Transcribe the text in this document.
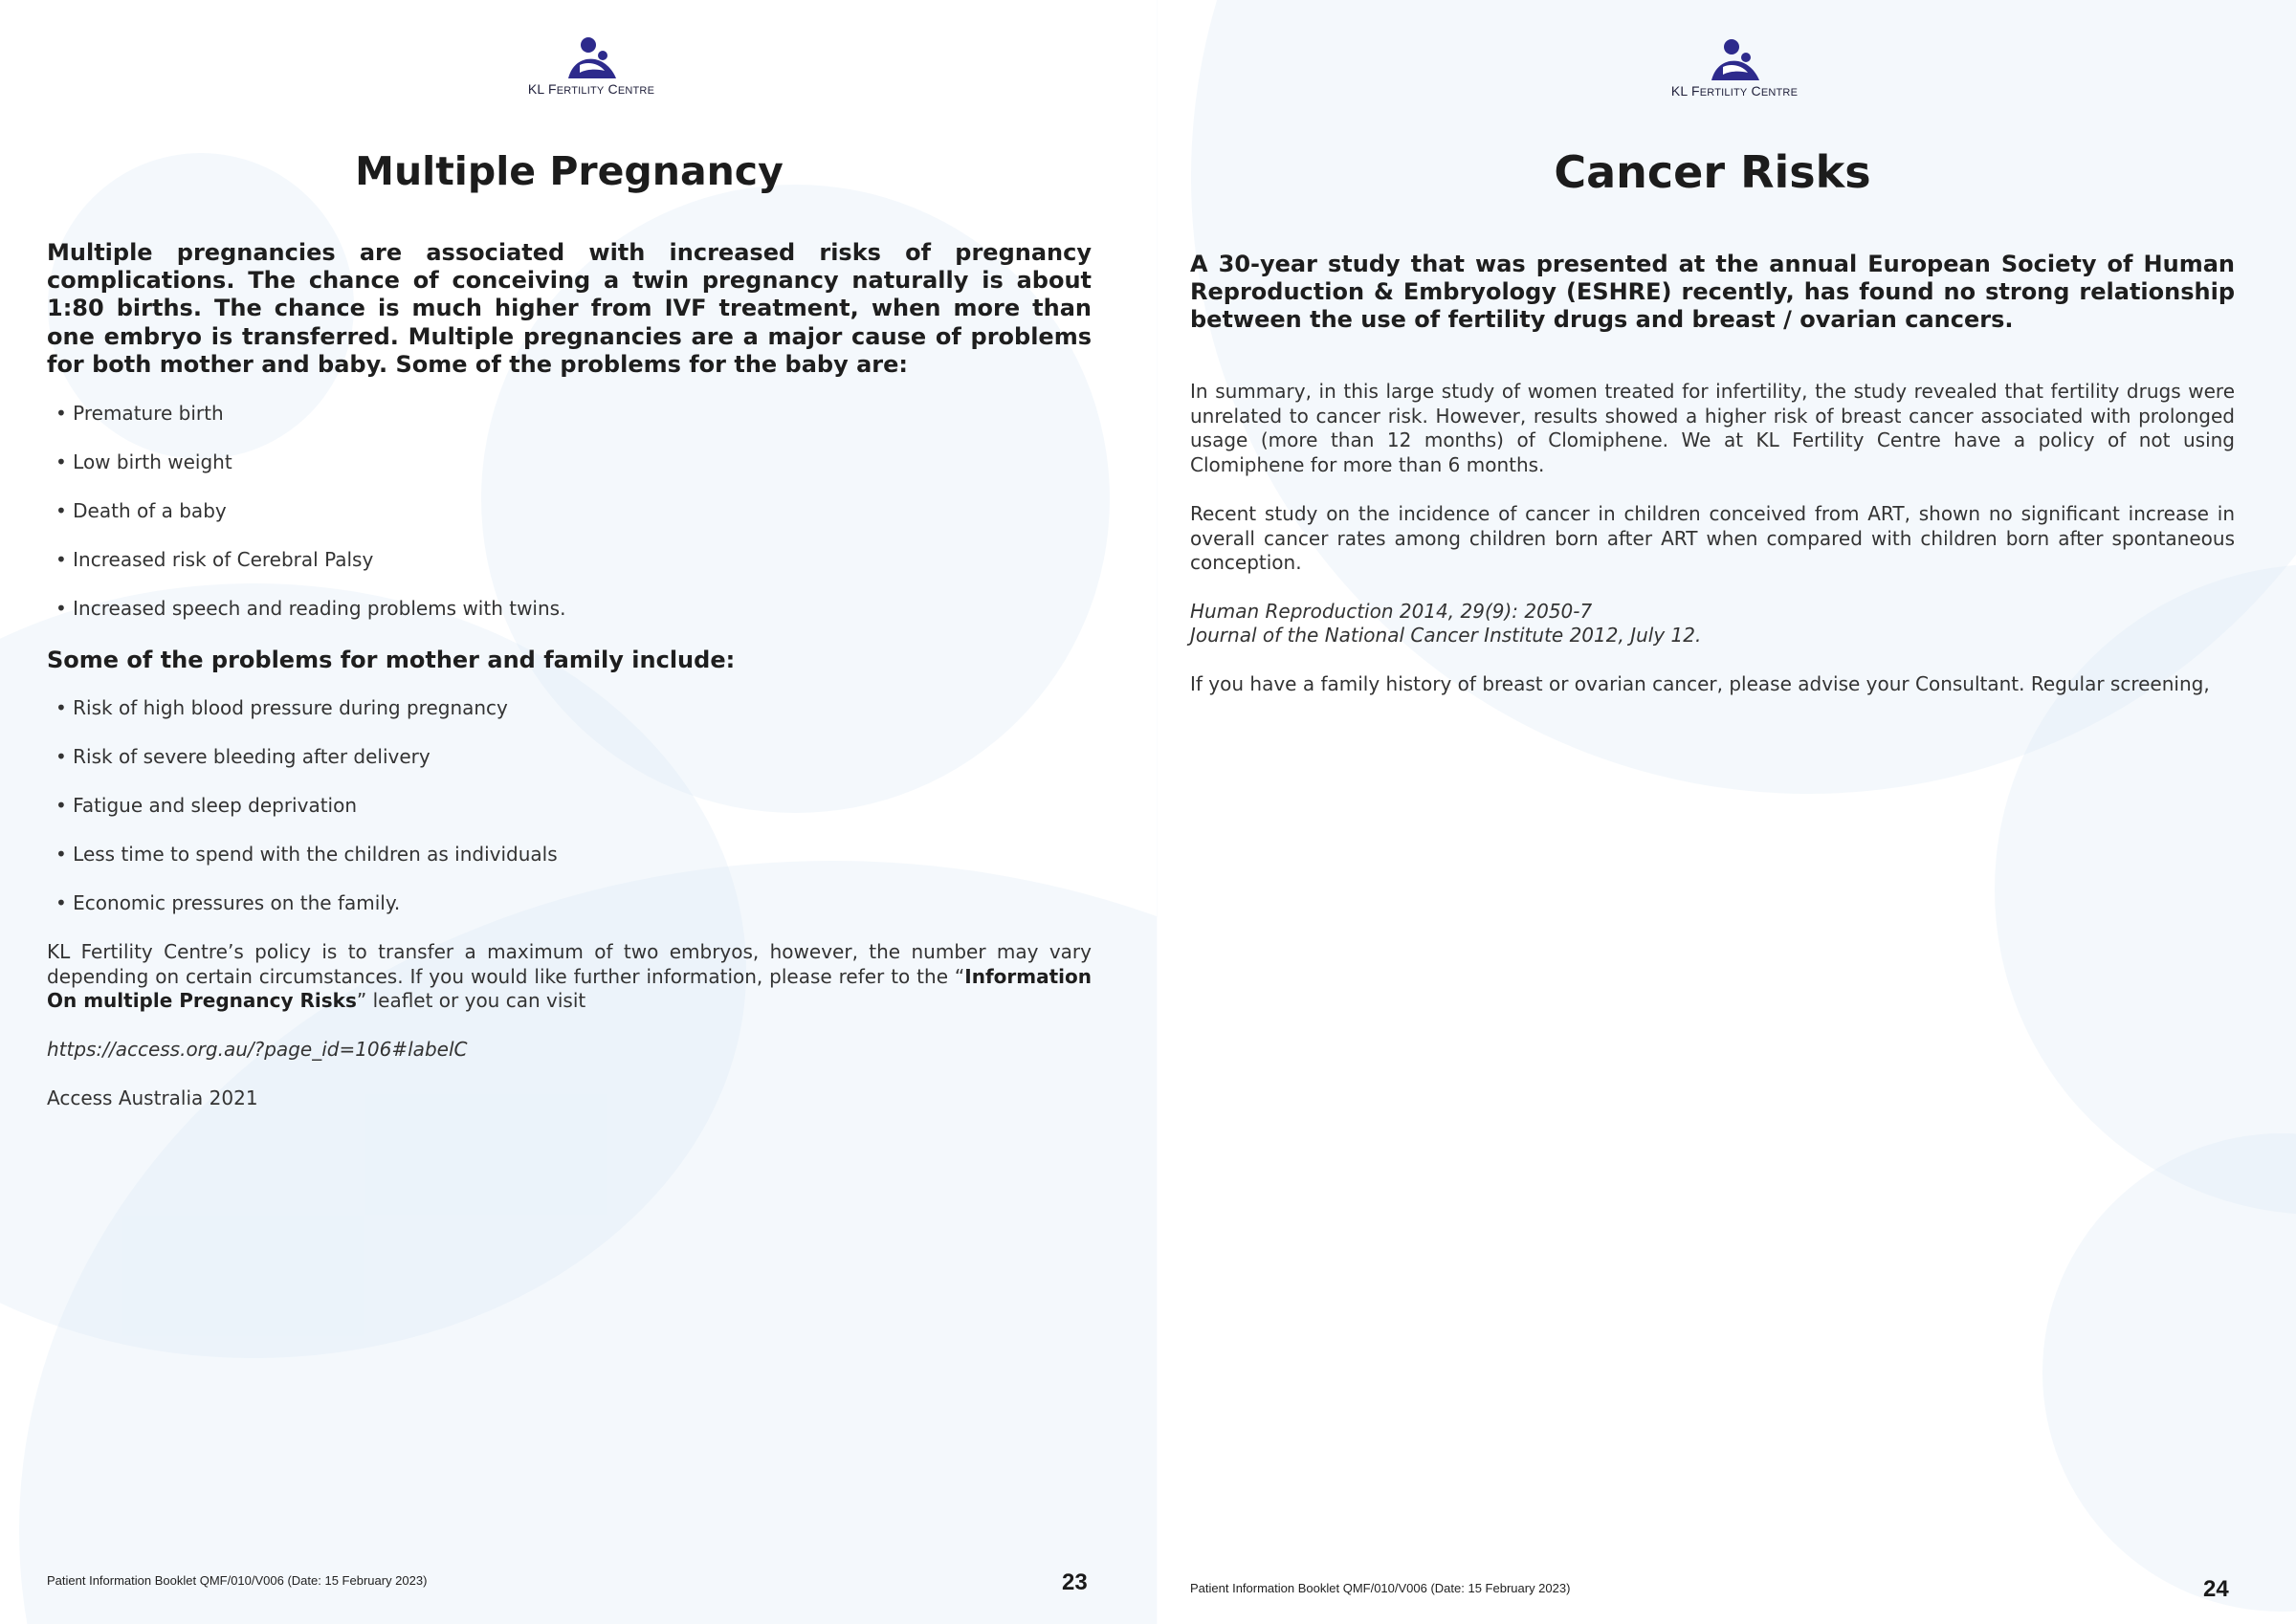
KL FERTILITY CENTRE
Multiple Pregnancy

Multiple pregnancies are associated with increased risks of pregnancy complications. The chance of conceiving a twin pregnancy naturally is about 1:80 births. The chance is much higher from IVF treatment, when more than one embryo is transferred. Multiple pregnancies are a major cause of problems for both mother and baby. Some of the problems for the baby are:

• Premature birth

• Low birth weight

• Death of a baby

• Increased risk of Cerebral Palsy

• Increased speech and reading problems with twins.

Some of the problems for mother and family include:

• Risk of high blood pressure during pregnancy

• Risk of severe bleeding after delivery

• Fatigue and sleep deprivation

• Less time to spend with the children as individuals

• Economic pressures on the family.

KL Fertility Centre’s policy is to transfer a maximum of two embryos, however, the number may vary depending on certain circumstances. If you would like further information, please refer to the “Information On multiple Pregnancy Risks” leaflet or you can visit

https://access.org.au/?page_id=106#labelC

Access Australia 2021

Patient Information Booklet QMF/010/V006 (Date: 15 February 2023)	23
KL FERTILITY CENTRE
Cancer Risks

A 30-year study that was presented at the annual European Society of Human Reproduction & Embryology (ESHRE) recently, has found no strong relationship between the use of fertility drugs and breast / ovarian cancers.

In summary, in this large study of women treated for infertility, the study revealed that fertility drugs were unrelated to cancer risk. However, results showed a higher risk of breast cancer associated with prolonged usage (more than 12 months) of Clomiphene. We at KL Fertility Centre have a policy of not using Clomiphene for more than 6 months.

Recent study on the incidence of cancer in children conceived from ART, shown no significant increase in overall cancer rates among children born after ART when compared with children born after spontaneous conception.

Human Reproduction 2014, 29(9): 2050-7

Journal of the National Cancer Institute 2012, July 12.

If you have a family history of breast or ovarian cancer, please advise your Consultant. Regular screening,

Patient Information Booklet QMF/010/V006 (Date: 15 February 2023)	24
